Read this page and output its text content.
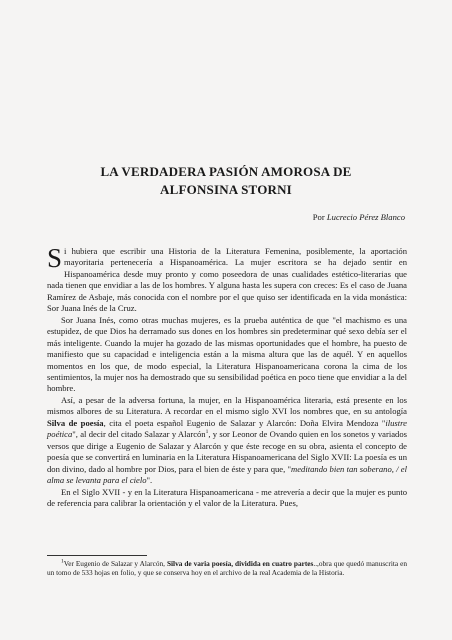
LA VERDADERA PASIÓN AMOROSA DE
ALFONSINA STORNI
Por Lucrecio Pérez Blanco

Si hubiera que escribir una Historia de la Literatura Femenina, posiblemente, la aportación mayoritaria pertenecería a Hispanoamérica. La mujer escritora se ha dejado sentir en Hispanoamérica desde muy pronto y como poseedora de unas cualidades estético-literarias que nada tienen que envidiar a las de los hombres. Y alguna hasta les supera con creces: Es el caso de Juana Ramírez de Asbaje, más conocida con el nombre por el que quiso ser identificada en la vida monástica: Sor Juana Inés de la Cruz.

Sor Juana Inés, como otras muchas mujeres, es la prueba auténtica de que "el machismo es una estupidez, de que Dios ha derramado sus dones en los hombres sin predeterminar qué sexo debía ser el más inteligente. Cuando la mujer ha gozado de las mismas oportunidades que el hombre, ha puesto de manifiesto que su capacidad e inteligencia están a la misma altura que las de aquél. Y en aquellos momentos en los que, de modo especial, la Literatura Hispanoamericana corona la cima de los sentimientos, la mujer nos ha demostrado que su sensibilidad poética en poco tiene que envidiar a la del hombre.

Así, a pesar de la adversa fortuna, la mujer, en la Hispanoamérica literaria, está presente en los mismos albores de su Literatura. A recordar en el mismo siglo XVI los nombres que, en su antología Silva de poesía, cita el poeta español Eugenio de Salazar y Alarcón: Doña Elvira Mendoza "ilustre poética", al decir del citado Salazar y Alarcón$^1$, y sor Leonor de Ovando quien en los sonetos y variados versos que dirige a Eugenio de Salazar y Alarcón y que éste recoge en su obra, asienta el concepto de poesía que se convertirá en luminaria en la Literatura Hispanoamericana del Siglo XVII: La poesía es un don divino, dado al hombre por Dios, para el bien de éste y para que, "meditando bien tan soberano, / el alma se levanta para el cielo".

En el Siglo XVII - y en la Literatura Hispanoamericana - me atrevería a decir que la mujer es punto de referencia para calibrar la orientación y el valor de la Literatura. Pues,

$^1$Ver Eugenio de Salazar y Alarcón, Silva de varia poesía, dividida en cuatro partes..,obra que quedó manuscrita en un tomo de 533 hojas en folio, y que se conserva hoy en el archivo de la real Academia de la Historia.
